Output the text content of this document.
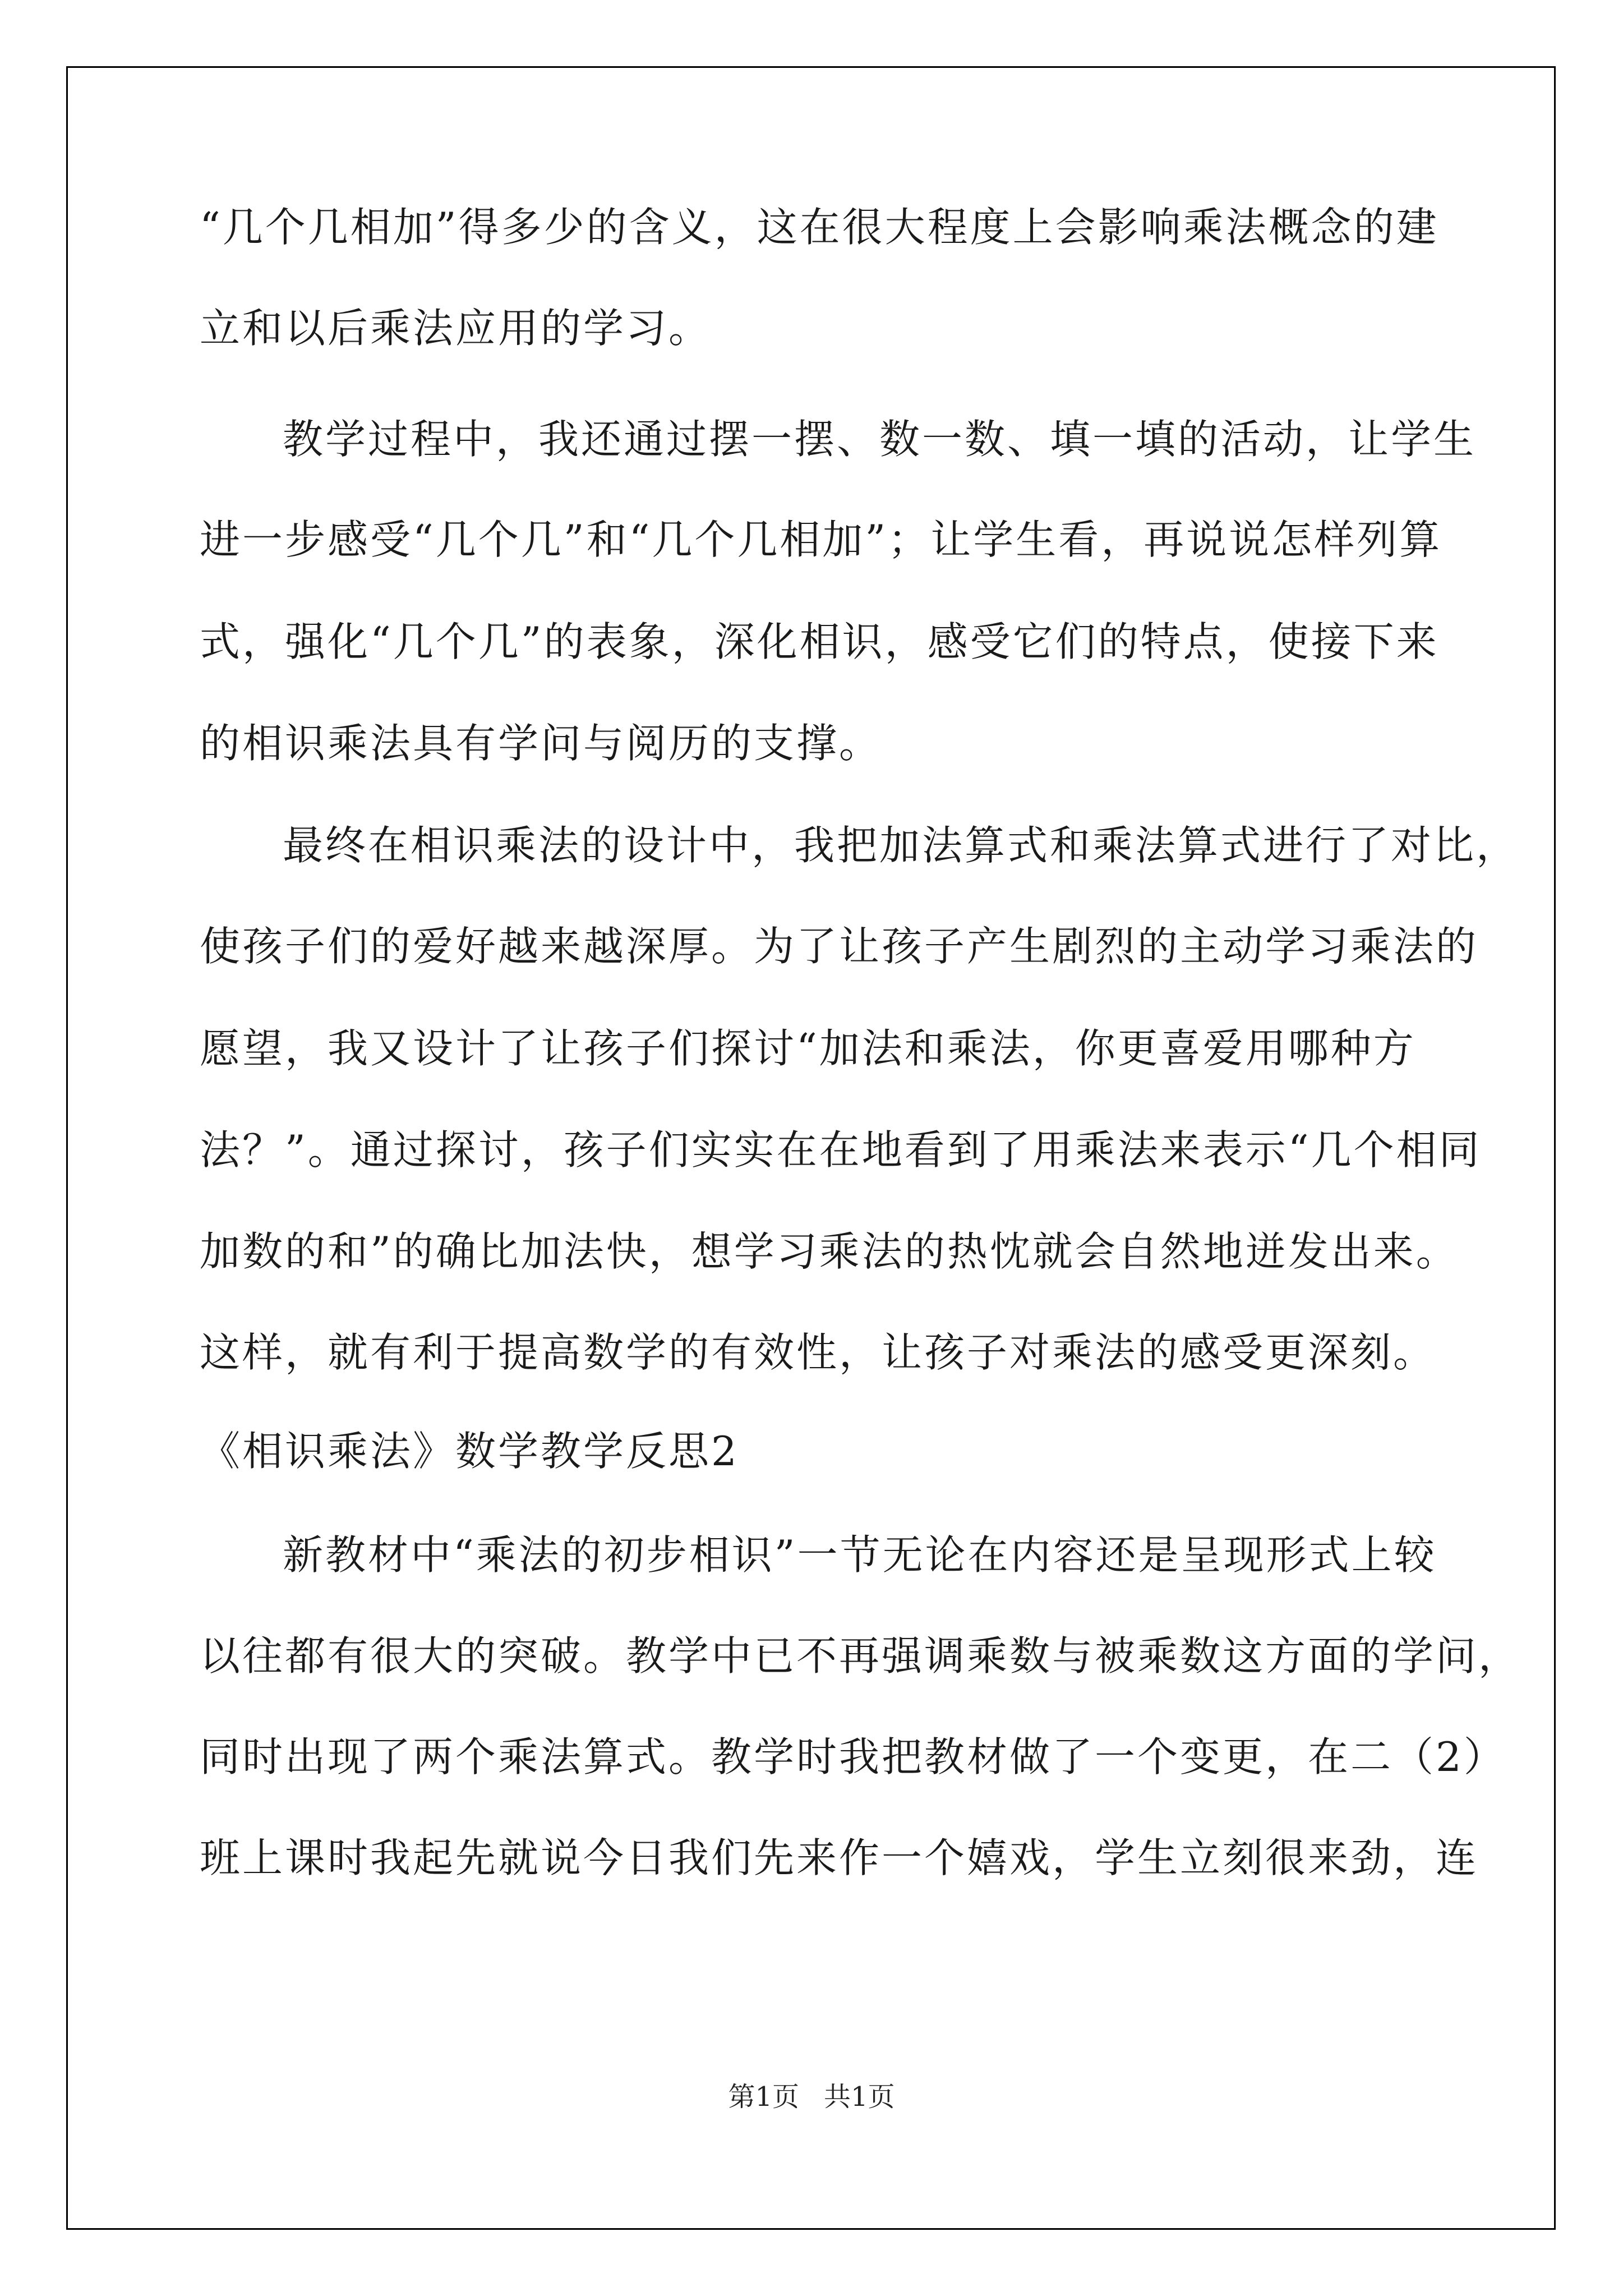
“几个几相加”得多少的含义，这在很大程度上会影响乘法概念的建
立和以后乘法应用的学习。
教学过程中，我还通过摆一摆、数一数、填一填的活动，让学生
进一步感受“几个几”和“几个几相加”；让学生看，再说说怎样列算
式，强化“几个几”的表象，深化相识，感受它们的特点，使接下来
的相识乘法具有学问与阅历的支撑。
最终在相识乘法的设计中，我把加法算式和乘法算式进行了对比，
使孩子们的爱好越来越深厚。为了让孩子产生剧烈的主动学习乘法的
愿望，我又设计了让孩子们探讨“加法和乘法，你更喜爱用哪种方
法？”。通过探讨，孩子们实实在在地看到了用乘法来表示“几个相同
加数的和”的确比加法快，想学习乘法的热忱就会自然地迸发出来。
这样，就有利于提高数学的有效性，让孩子对乘法的感受更深刻。
《相识乘法》数学教学反思2
新教材中“乘法的初步相识”一节无论在内容还是呈现形式上较
以往都有很大的突破。教学中已不再强调乘数与被乘数这方面的学问，
同时出现了两个乘法算式。教学时我把教材做了一个变更，在二（2）
班上课时我起先就说今日我们先来作一个嬉戏，学生立刻很来劲，连
第1页 共1页
